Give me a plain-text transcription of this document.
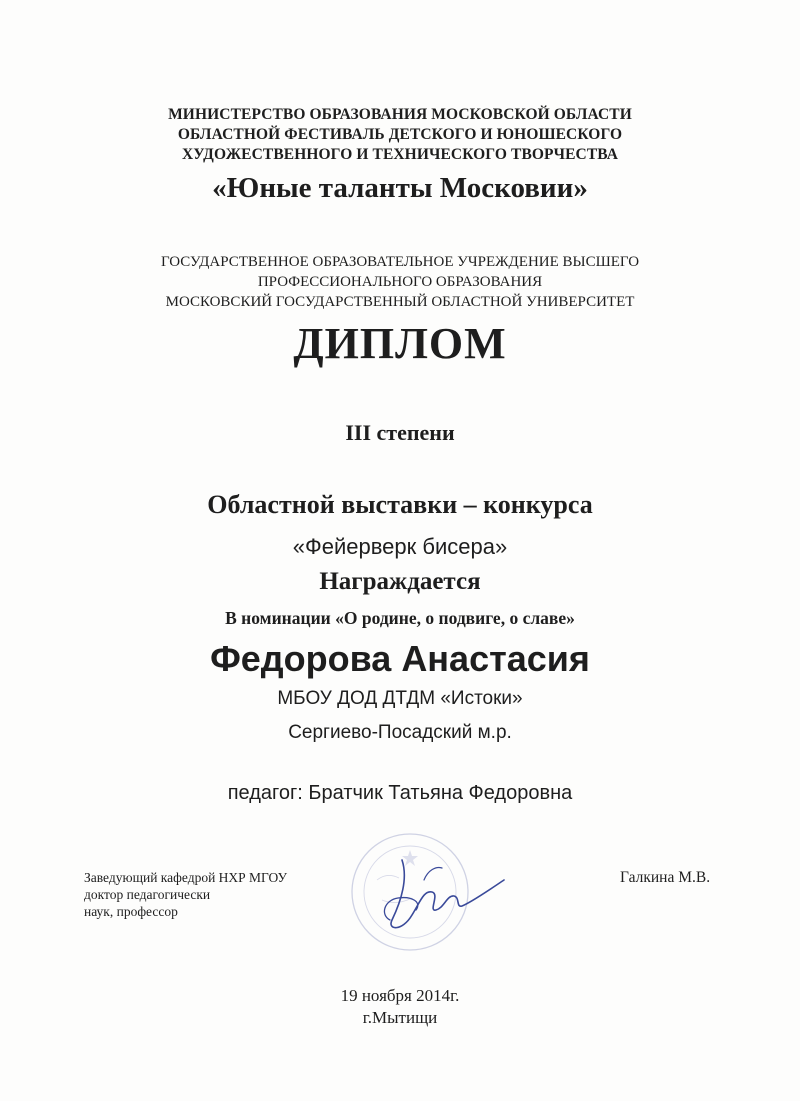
МИНИСТЕРСТВО ОБРАЗОВАНИЯ МОСКОВСКОЙ ОБЛАСТИ
ОБЛАСТНОЙ ФЕСТИВАЛЬ ДЕТСКОГО И ЮНОШЕСКОГО
ХУДОЖЕСТВЕННОГО И ТЕХНИЧЕСКОГО ТВОРЧЕСТВА
«Юные таланты Московии»
ГОСУДАРСТВЕННОЕ ОБРАЗОВАТЕЛЬНОЕ УЧРЕЖДЕНИЕ ВЫСШЕГО
ПРОФЕССИОНАЛЬНОГО ОБРАЗОВАНИЯ
МОСКОВСКИЙ ГОСУДАРСТВЕННЫЙ ОБЛАСТНОЙ УНИВЕРСИТЕТ
ДИПЛОМ
III степени
Областной выставки – конкурса
«Фейерверк бисера»
Награждается
В номинации «О родине, о подвиге, о славе»
Федорова Анастасия
МБОУ ДОД ДТДМ «Истоки»
Сергиево-Посадский м.р.
педагог: Братчик Татьяна Федоровна
Заведующий кафедрой НХР МГОУ
доктор педагогически
наук, профессор
Галкина М.В.
19 ноября 2014г.
г.Мытищи
